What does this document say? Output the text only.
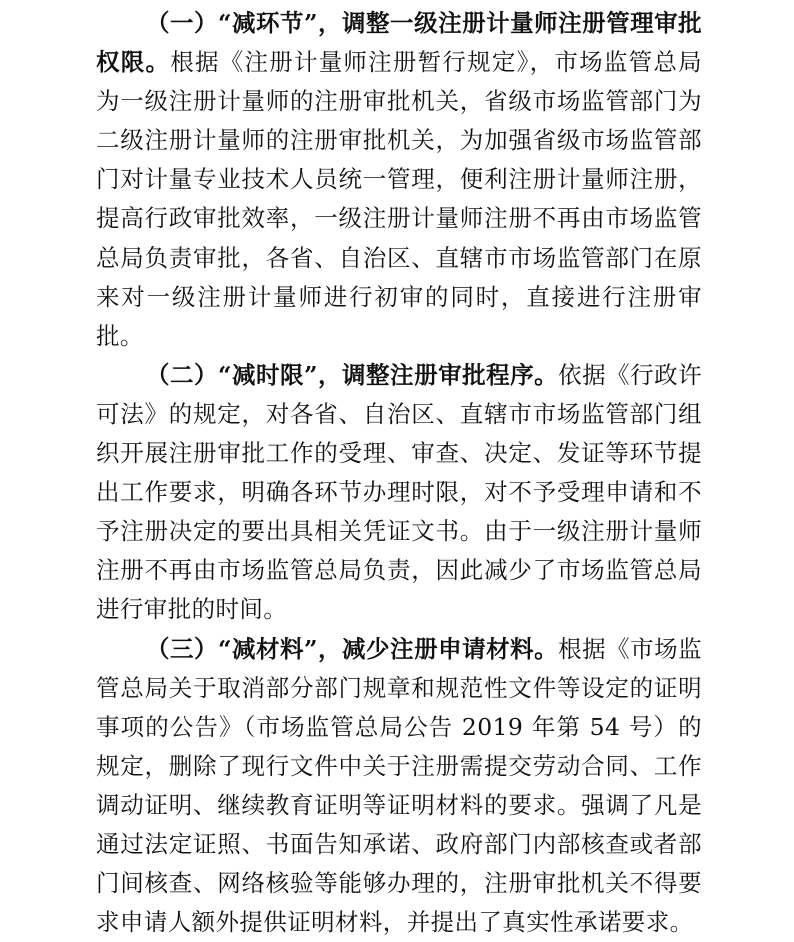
（一）“减环节”，调整一级注册计量师注册管理审批权限。根据《注册计量师注册暂行规定》，市场监管总局为一级注册计量师的注册审批机关，省级市场监管部门为二级注册计量师的注册审批机关，为加强省级市场监管部门对计量专业技术人员统一管理，便利注册计量师注册，提高行政审批效率，一级注册计量师注册不再由市场监管总局负责审批，各省、自治区、直辖市市场监管部门在原来对一级注册计量师进行初审的同时，直接进行注册审批。

（二）“减时限”，调整注册审批程序。依据《行政许可法》的规定，对各省、自治区、直辖市市场监管部门组织开展注册审批工作的受理、审查、决定、发证等环节提出工作要求，明确各环节办理时限，对不予受理申请和不予注册决定的要出具相关凭证文书。由于一级注册计量师注册不再由市场监管总局负责，因此减少了市场监管总局进行审批的时间。

（三）“减材料”，减少注册申请材料。根据《市场监管总局关于取消部分部门规章和规范性文件等设定的证明事项的公告》（市场监管总局公告 2019 年第 54 号）的规定，删除了现行文件中关于注册需提交劳动合同、工作调动证明、继续教育证明等证明材料的要求。强调了凡是通过法定证照、书面告知承诺、政府部门内部核查或者部门间核查、网络核验等能够办理的，注册审批机关不得要求申请人额外提供证明材料，并提出了真实性承诺要求。
